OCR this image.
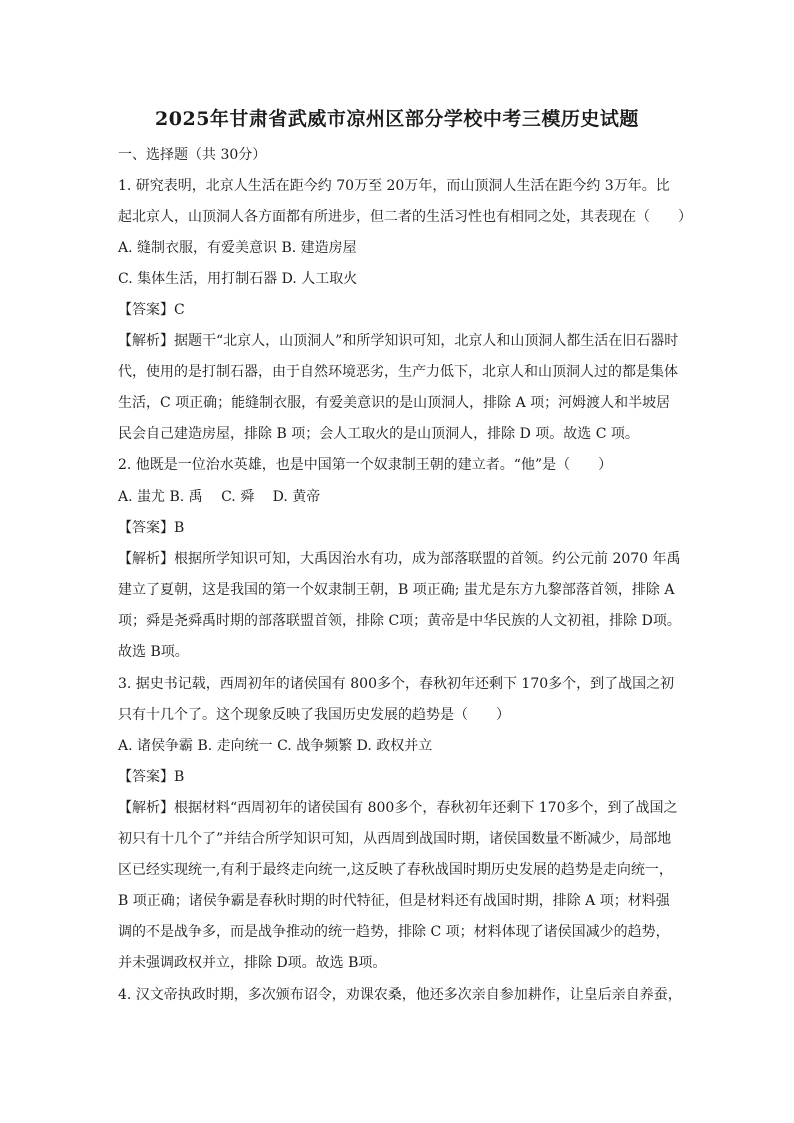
2025年甘肃省武威市凉州区部分学校中考三模历史试题
一、选择题（共 30分）
1. 研究表明，北京人生活在距今约 70万至 20万年，而山顶洞人生活在距今约 3万年。比
起北京人，山顶洞人各方面都有所进步，但二者的生活习性也有相同之处，其表现在（　　）
A. 缝制衣服，有爱美意识 B. 建造房屋
C. 集体生活，用打制石器 D. 人工取火
【答案】C
【解析】据题干“北京人，山顶洞人”和所学知识可知，北京人和山顶洞人都生活在旧石器时
代，使用的是打制石器，由于自然环境恶劣，生产力低下，北京人和山顶洞人过的都是集体
生活，C 项正确；能缝制衣服，有爱美意识的是山顶洞人，排除 A 项；河姆渡人和半坡居
民会自己建造房屋，排除 B 项；会人工取火的是山顶洞人，排除 D 项。故选 C 项。
2. 他既是一位治水英雄，也是中国第一个奴隶制王朝的建立者。“他”是（　　）
A. 蚩尤 B. 禹　 C. 舜　 D. 黄帝
【答案】B
【解析】根据所学知识可知，大禹因治水有功，成为部落联盟的首领。约公元前 2070 年禹
建立了夏朝，这是我国的第一个奴隶制王朝，B 项正确; 蚩尤是东方九黎部落首领，排除 A
项；舜是尧舜禹时期的部落联盟首领，排除 C项；黄帝是中华民族的人文初祖，排除 D项。
故选 B项。
3. 据史书记载，西周初年的诸侯国有 800多个，春秋初年还剩下 170多个，到了战国之初
只有十几个了。这个现象反映了我国历史发展的趋势是（　　）
A. 诸侯争霸 B. 走向统一 C. 战争频繁 D. 政权并立
【答案】B
【解析】根据材料“西周初年的诸侯国有 800多个，春秋初年还剩下 170多个，到了战国之
初只有十几个了”并结合所学知识可知，从西周到战国时期，诸侯国数量不断减少，局部地
区已经实现统一,有利于最终走向统一,这反映了春秋战国时期历史发展的趋势是走向统一，
B 项正确；诸侯争霸是春秋时期的时代特征，但是材料还有战国时期，排除 A 项；材料强
调的不是战争多，而是战争推动的统一趋势，排除 C 项；材料体现了诸侯国减少的趋势，
并未强调政权并立，排除 D项。故选 B项。
4. 汉文帝执政时期，多次颁布诏令，劝课农桑，他还多次亲自参加耕作，让皇后亲自养蚕，
